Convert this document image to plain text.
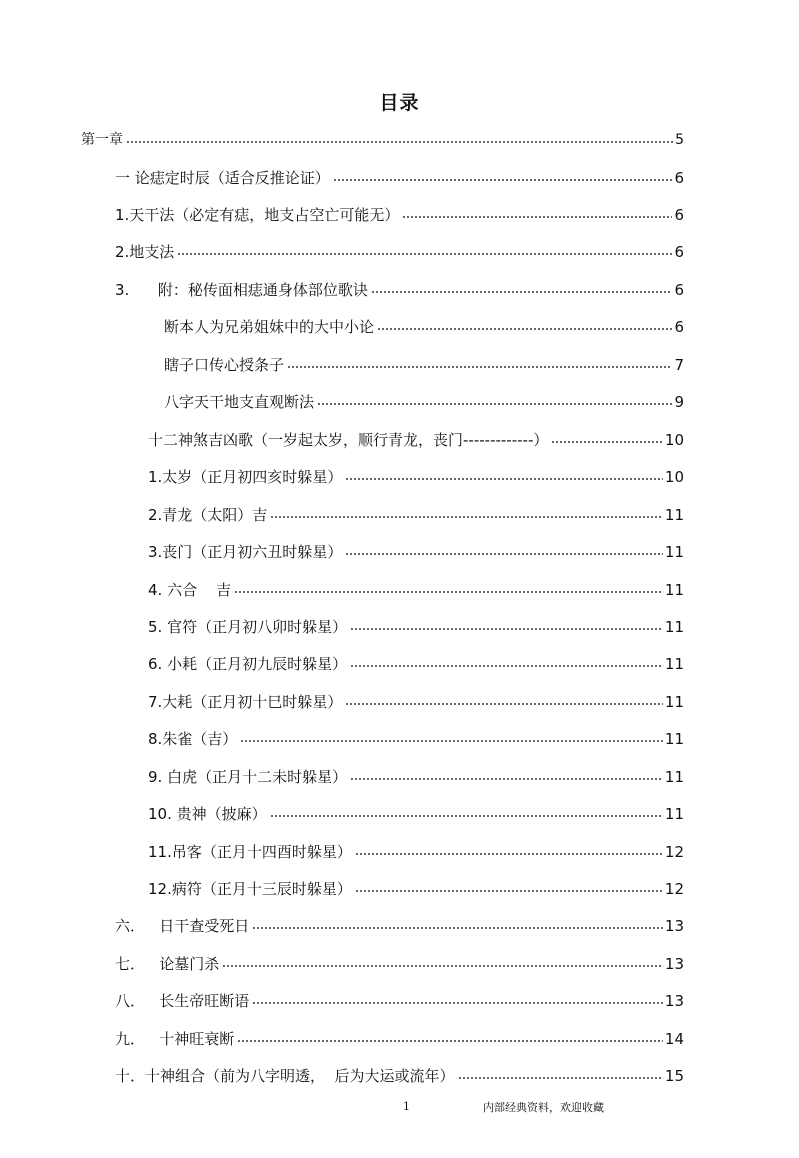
目录
第一章	5
一 论痣定时辰（适合反推论证）	6
1.天干法（必定有痣，地支占空亡可能无）	6
2.地支法	6
3.      附：秘传面相痣通身体部位歌诀	6
断本人为兄弟姐妹中的大中小论	6
瞎子口传心授条子	7
八字天干地支直观断法	9
十二神煞吉凶歌（一岁起太岁，顺行青龙，丧门-------------）	10
1.太岁（正月初四亥时躲星）	10
2.青龙（太阳）吉	11
3.丧门（正月初六丑时躲星）	11
4. 六合    吉	11
5. 官符（正月初八卯时躲星）	11
6. 小耗（正月初九辰时躲星）	11
7.大耗（正月初十巳时躲星）	11
8.朱雀（吉）	11
9. 白虎（正月十二未时躲星）	11
10. 贵神（披麻）	11
11.吊客（正月十四酉时躲星）	12
12.病符（正月十三辰时躲星）	12
六．   日干查受死日	13
七．   论墓门杀	13
八．   长生帝旺断语	13
九．   十神旺衰断	14
十．十神组合（前为八字明透，  后为大运或流年）	15
1	内部经典资料，欢迎收藏
